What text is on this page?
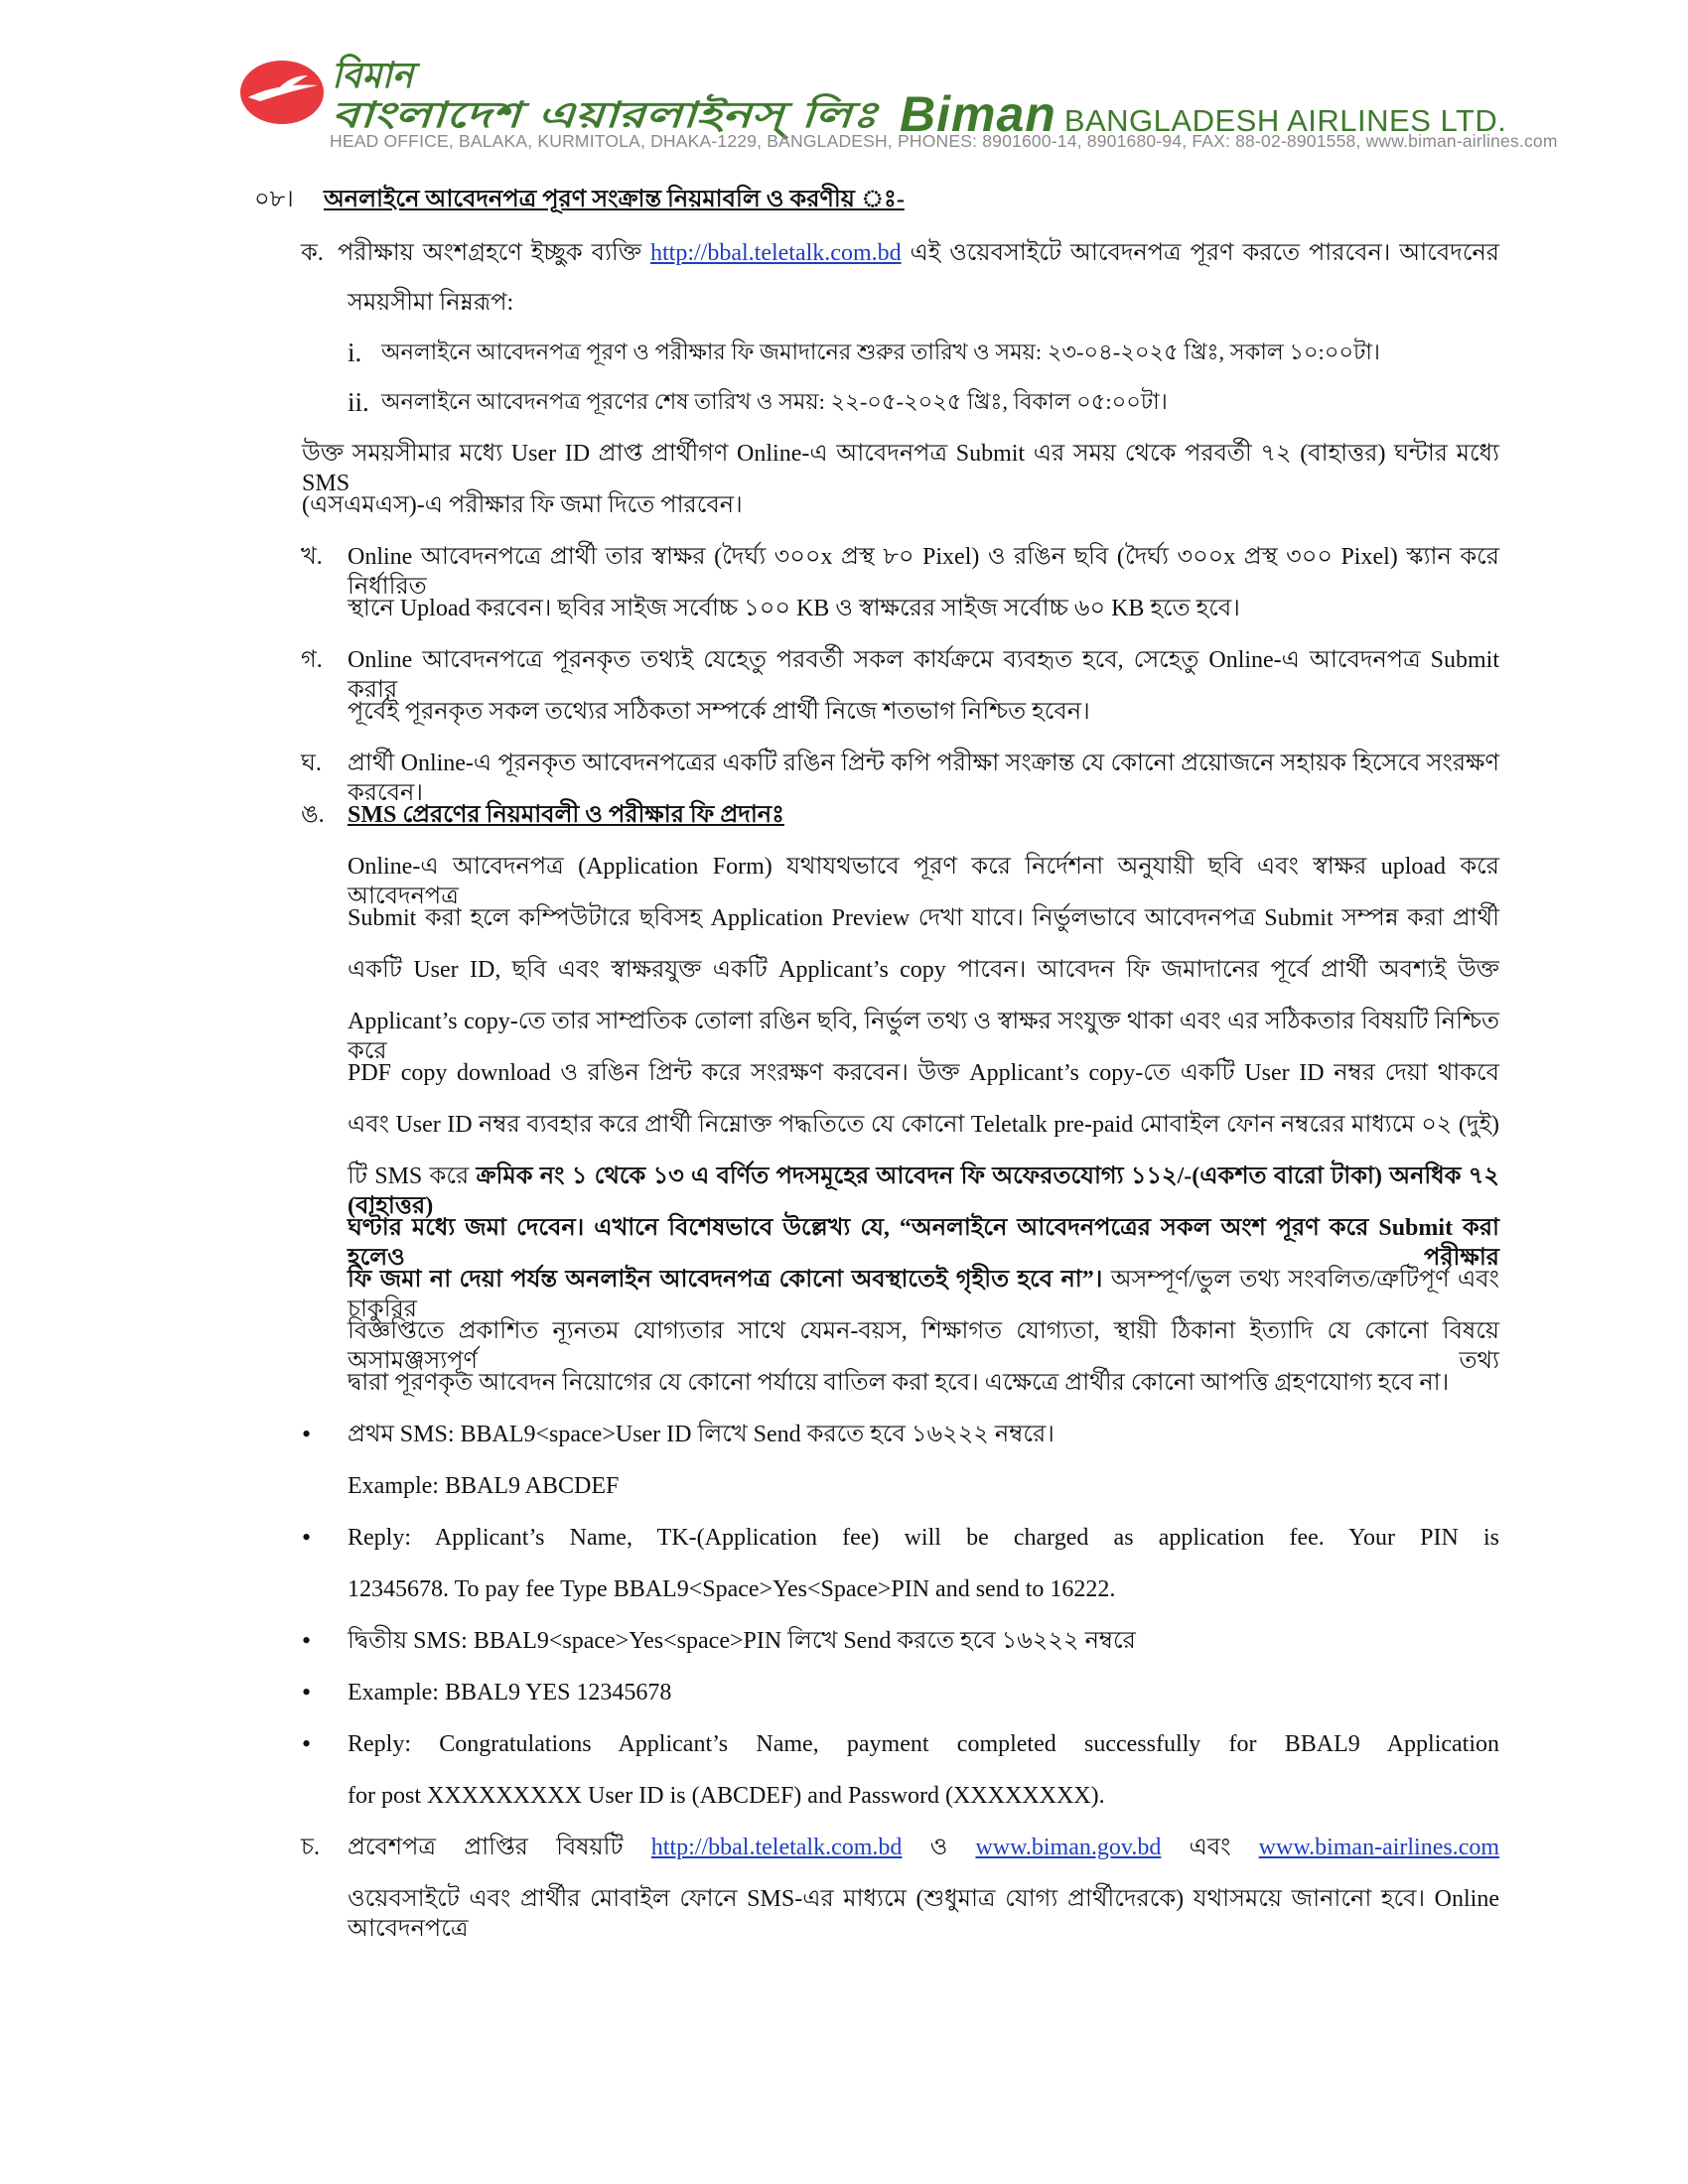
বিমান
বাংলাদেশ এয়ারলাইনস্ লিঃ	Biman BANGLADESH AIRLINES LTD.
HEAD OFFICE, BALAKA, KURMITOLA, DHAKA-1229, BANGLADESH, PHONES: 8901600-14, 8901680-94, FAX: 88-02-8901558, www.biman-airlines.com
০৮। অনলাইনে আবেদনপত্র পূরণ সংক্রান্ত নিয়মাবলি ও করণীয় ঃ-
ক. পরীক্ষায় অংশগ্রহণে ইচ্ছুক ব্যক্তি http://bbal.teletalk.com.bd এই ওয়েবসাইটে আবেদনপত্র পূরণ করতে পারবেন। আবেদনের
সময়সীমা নিম্নরূপ:
i. অনলাইনে আবেদনপত্র পূরণ ও পরীক্ষার ফি জমাদানের শুরুর তারিখ ও সময়: ২৩-০৪-২০২৫ খ্রিঃ, সকাল ১০:০০টা।
ii. অনলাইনে আবেদনপত্র পূরণের শেষ তারিখ ও সময়: ২২-০৫-২০২৫ খ্রিঃ, বিকাল ০৫:০০টা।
উক্ত সময়সীমার মধ্যে User ID প্রাপ্ত প্রার্থীগণ Online-এ আবেদনপত্র Submit এর সময় থেকে পরবর্তী ৭২ (বাহাত্তর) ঘন্টার মধ্যে SMS
(এসএমএস)-এ পরীক্ষার ফি জমা দিতে পারবেন।
খ. Online আবেদনপত্রে প্রার্থী তার স্বাক্ষর (দৈর্ঘ্য ৩০০x প্রস্থ ৮০ Pixel) ও রঙিন ছবি (দৈর্ঘ্য ৩০০x প্রস্থ ৩০০ Pixel) স্ক্যান করে নির্ধারিত
স্থানে Upload করবেন। ছবির সাইজ সর্বোচ্চ ১০০ KB ও স্বাক্ষরের সাইজ সর্বোচ্চ ৬০ KB হতে হবে।
গ. Online আবেদনপত্রে পূরনকৃত তথ্যই যেহেতু পরবর্তী সকল কার্যক্রমে ব্যবহৃত হবে, সেহেতু Online-এ আবেদনপত্র Submit করার
পূর্বেই পূরনকৃত সকল তথ্যের সঠিকতা সম্পর্কে প্রার্থী নিজে শতভাগ নিশ্চিত হবেন।
ঘ. প্রার্থী Online-এ পূরনকৃত আবেদনপত্রের একটি রঙিন প্রিন্ট কপি পরীক্ষা সংক্রান্ত যে কোনো প্রয়োজনে সহায়ক হিসেবে সংরক্ষণ করবেন।
ঙ. SMS প্রেরণের নিয়মাবলী ও পরীক্ষার ফি প্রদানঃ
Online-এ আবেদনপত্র (Application Form) যথাযথভাবে পূরণ করে নির্দেশনা অনুযায়ী ছবি এবং স্বাক্ষর upload করে আবেদনপত্র
Submit করা হলে কম্পিউটারে ছবিসহ Application Preview দেখা যাবে। নির্ভুলভাবে আবেদনপত্র Submit সম্পন্ন করা প্রার্থী
একটি User ID, ছবি এবং স্বাক্ষরযুক্ত একটি Applicant’s copy পাবেন। আবেদন ফি জমাদানের পূর্বে প্রার্থী অবশ্যই উক্ত
Applicant’s copy-তে তার সাম্প্রতিক তোলা রঙিন ছবি, নির্ভুল তথ্য ও স্বাক্ষর সংযুক্ত থাকা এবং এর সঠিকতার বিষয়টি নিশ্চিত করে
PDF copy download ও রঙিন প্রিন্ট করে সংরক্ষণ করবেন। উক্ত Applicant’s copy-তে একটি User ID নম্বর দেয়া থাকবে
এবং User ID নম্বর ব্যবহার করে প্রার্থী নিম্নোক্ত পদ্ধতিতে যে কোনো Teletalk pre-paid মোবাইল ফোন নম্বরের মাধ্যমে ০২ (দুই)
টি SMS করে ক্রমিক নং ১ থেকে ১৩ এ বর্ণিত পদসমূহের আবেদন ফি অফেরতযোগ্য ১১২/-(একশত বারো টাকা) অনধিক ৭২ (বাহাত্তর)
ঘণ্টার মধ্যে জমা দেবেন। এখানে বিশেষভাবে উল্লেখ্য যে, “অনলাইনে আবেদনপত্রের সকল অংশ পূরণ করে Submit করা হলেও পরীক্ষার
ফি জমা না দেয়া পর্যন্ত অনলাইন আবেদনপত্র কোনো অবস্থাতেই গৃহীত হবে না”। অসম্পূর্ণ/ভুল তথ্য সংবলিত/ত্রুটিপূর্ণ এবং চাকুরির
বিজ্ঞপ্তিতে প্রকাশিত ন্যূনতম যোগ্যতার সাথে যেমন-বয়স, শিক্ষাগত যোগ্যতা, স্থায়ী ঠিকানা ইত্যাদি যে কোনো বিষয়ে অসামঞ্জস্যপূর্ণ তথ্য
দ্বারা পূরণকৃত আবেদন নিয়োগের যে কোনো পর্যায়ে বাতিল করা হবে। এক্ষেত্রে প্রার্থীর কোনো আপত্তি গ্রহণযোগ্য হবে না।
• প্রথম SMS: BBAL9<space>User ID লিখে Send করতে হবে ১৬২২২ নম্বরে।
Example: BBAL9 ABCDEF
• Reply: Applicant’s Name, TK-(Application fee) will be charged as application fee. Your PIN is
12345678. To pay fee Type BBAL9<Space>Yes<Space>PIN and send to 16222.
• দ্বিতীয় SMS: BBAL9<space>Yes<space>PIN লিখে Send করতে হবে ১৬২২২ নম্বরে
• Example: BBAL9 YES 12345678
• Reply: Congratulations Applicant’s Name, payment completed successfully for BBAL9 Application
for post XXXXXXXXX User ID is (ABCDEF) and Password (XXXXXXXX).
চ. প্রবেশপত্র প্রাপ্তির বিষয়টি http://bbal.teletalk.com.bd ও www.biman.gov.bd এবং www.biman-airlines.com
ওয়েবসাইটে এবং প্রার্থীর মোবাইল ফোনে SMS-এর মাধ্যমে (শুধুমাত্র যোগ্য প্রার্থীদেরকে) যথাসময়ে জানানো হবে। Online আবেদনপত্রে
